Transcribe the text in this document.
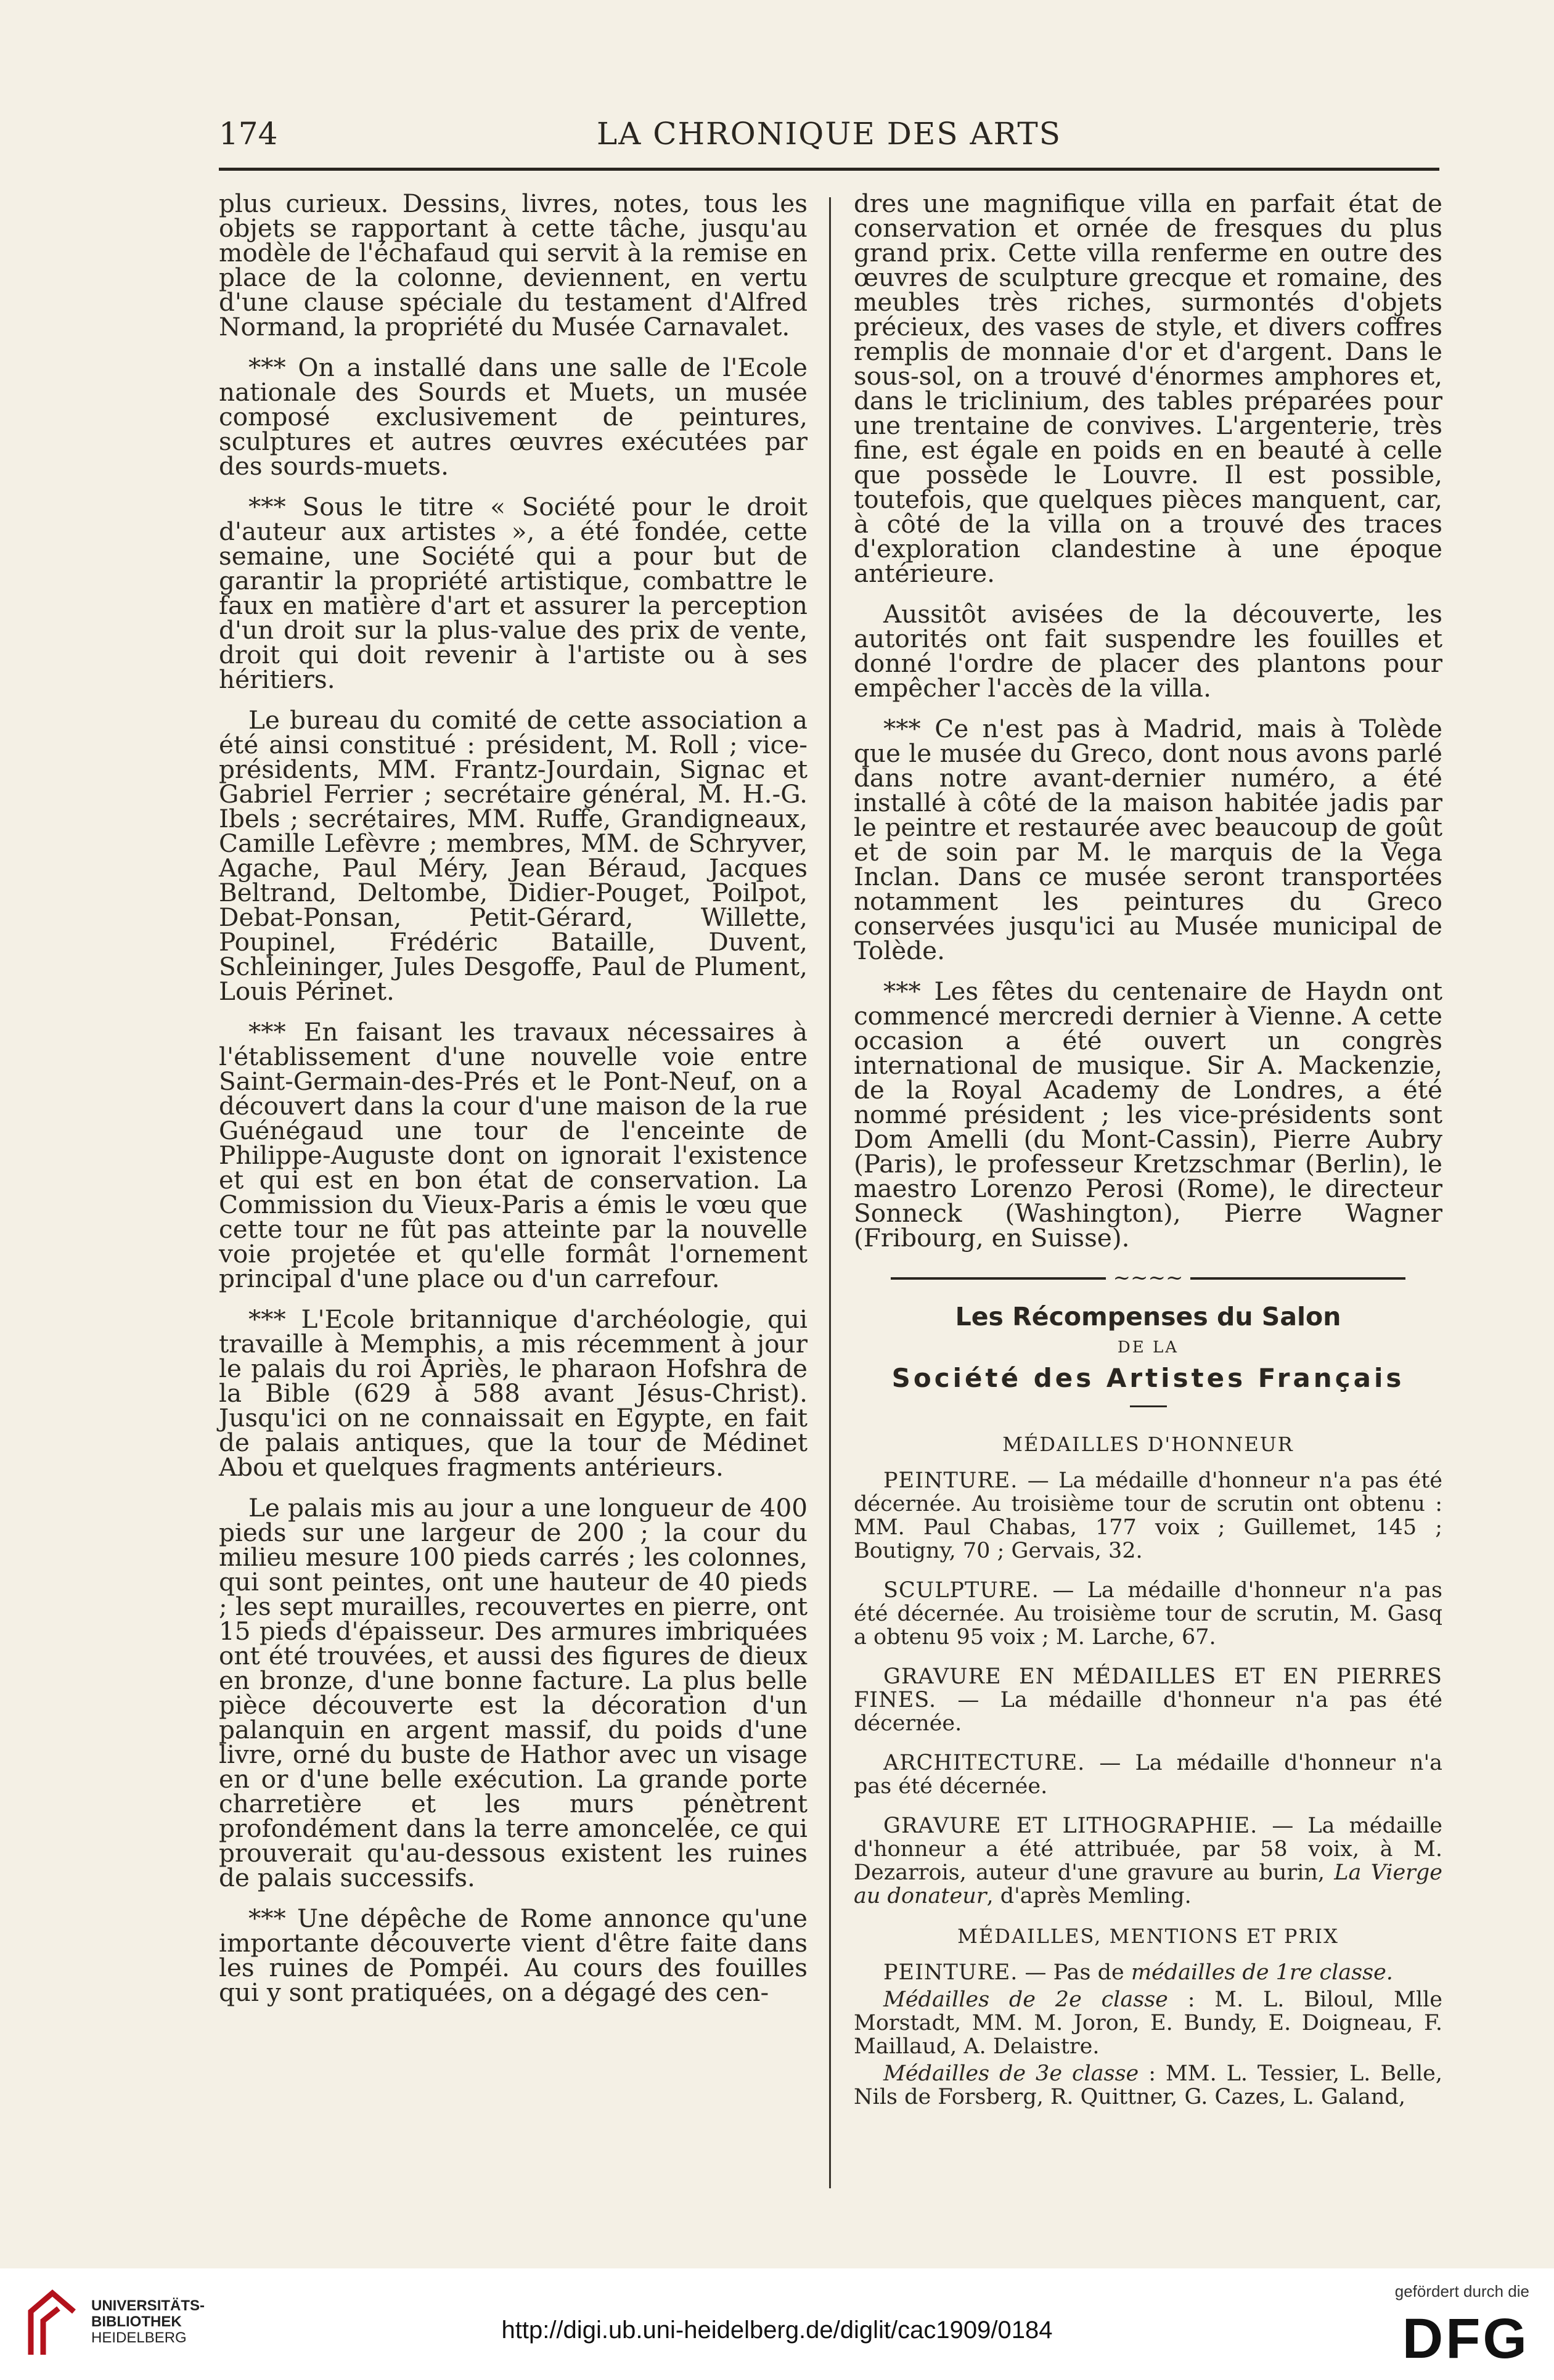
174	LA CHRONIQUE DES ARTS

plus curieux. Dessins, livres, notes, tous les objets se rapportant à cette tâche, jusqu'au modèle de l'échafaud qui servit à la remise en place de la colonne, deviennent, en vertu d'une clause spéciale du testament d'Alfred Normand, la propriété du Musée Carnavalet.

*** On a installé dans une salle de l'Ecole nationale des Sourds et Muets, un musée composé exclusivement de peintures, sculptures et autres œuvres exécutées par des sourds-muets.

*** Sous le titre « Société pour le droit d'auteur aux artistes », a été fondée, cette semaine, une Société qui a pour but de garantir la propriété artistique, combattre le faux en matière d'art et assurer la perception d'un droit sur la plus-value des prix de vente, droit qui doit revenir à l'artiste ou à ses héritiers.

Le bureau du comité de cette association a été ainsi constitué : président, M. Roll ; vice-présidents, MM. Frantz-Jourdain, Signac et Gabriel Ferrier ; secrétaire général, M. H.-G. Ibels ; secrétaires, MM. Ruffe, Grandigneaux, Camille Lefèvre ; membres, MM. de Schryver, Agache, Paul Méry, Jean Béraud, Jacques Beltrand, Deltombe, Didier-Pouget, Poilpot, Debat-Ponsan, Petit-Gérard, Willette, Poupinel, Frédéric Bataille, Duvent, Schleininger, Jules Desgoffe, Paul de Plument, Louis Périnet.

*** En faisant les travaux nécessaires à l'établissement d'une nouvelle voie entre Saint-Germain-des-Prés et le Pont-Neuf, on a découvert dans la cour d'une maison de la rue Guénégaud une tour de l'enceinte de Philippe-Auguste dont on ignorait l'existence et qui est en bon état de conservation. La Commission du Vieux-Paris a émis le vœu que cette tour ne fût pas atteinte par la nouvelle voie projetée et qu'elle formât l'ornement principal d'une place ou d'un carrefour.

*** L'Ecole britannique d'archéologie, qui travaille à Memphis, a mis récemment à jour le palais du roi Apriès, le pharaon Hofshra de la Bible (629 à 588 avant Jésus-Christ). Jusqu'ici on ne connaissait en Egypte, en fait de palais antiques, que la tour de Médinet Abou et quelques fragments antérieurs.

Le palais mis au jour a une longueur de 400 pieds sur une largeur de 200 ; la cour du milieu mesure 100 pieds carrés ; les colonnes, qui sont peintes, ont une hauteur de 40 pieds ; les sept murailles, recouvertes en pierre, ont 15 pieds d'épaisseur. Des armures imbriquées ont été trouvées, et aussi des figures de dieux en bronze, d'une bonne facture. La plus belle pièce découverte est la décoration d'un palanquin en argent massif, du poids d'une livre, orné du buste de Hathor avec un visage en or d'une belle exécution. La grande porte charretière et les murs pénètrent profondément dans la terre amoncelée, ce qui prouverait qu'au-dessous existent les ruines de palais successifs.

*** Une dépêche de Rome annonce qu'une importante découverte vient d'être faite dans les ruines de Pompéi. Au cours des fouilles qui y sont pratiquées, on a dégagé des cen-

dres une magnifique villa en parfait état de conservation et ornée de fresques du plus grand prix. Cette villa renferme en outre des œuvres de sculpture grecque et romaine, des meubles très riches, surmontés d'objets précieux, des vases de style, et divers coffres remplis de monnaie d'or et d'argent. Dans le sous-sol, on a trouvé d'énormes amphores et, dans le triclinium, des tables préparées pour une trentaine de convives. L'argenterie, très fine, est égale en poids en en beauté à celle que possède le Louvre. Il est possible, toutefois, que quelques pièces manquent, car, à côté de la villa on a trouvé des traces d'exploration clandestine à une époque antérieure.

Aussitôt avisées de la découverte, les autorités ont fait suspendre les fouilles et donné l'ordre de placer des plantons pour empêcher l'accès de la villa.

*** Ce n'est pas à Madrid, mais à Tolède que le musée du Greco, dont nous avons parlé dans notre avant-dernier numéro, a été installé à côté de la maison habitée jadis par le peintre et restaurée avec beaucoup de goût et de soin par M. le marquis de la Vega Inclan. Dans ce musée seront transportées notamment les peintures du Greco conservées jusqu'ici au Musée municipal de Tolède.

*** Les fêtes du centenaire de Haydn ont commencé mercredi dernier à Vienne. A cette occasion a été ouvert un congrès international de musique. Sir A. Mackenzie, de la Royal Academy de Londres, a été nommé président ; les vice-présidents sont Dom Amelli (du Mont-Cassin), Pierre Aubry (Paris), le professeur Kretzschmar (Berlin), le maestro Lorenzo Perosi (Rome), le directeur Sonneck (Washington), Pierre Wagner (Fribourg, en Suisse).

~~~~
Les Récompenses du Salon
DE LA
Société des Artistes Français
MÉDAILLES D'HONNEUR

PEINTURE. — La médaille d'honneur n'a pas été décernée. Au troisième tour de scrutin ont obtenu : MM. Paul Chabas, 177 voix ; Guillemet, 145 ; Boutigny, 70 ; Gervais, 32.

SCULPTURE. — La médaille d'honneur n'a pas été décernée. Au troisième tour de scrutin, M. Gasq a obtenu 95 voix ; M. Larche, 67.

GRAVURE EN MÉDAILLES ET EN PIERRES FINES. — La médaille d'honneur n'a pas été décernée.

ARCHITECTURE. — La médaille d'honneur n'a pas été décernée.

GRAVURE ET LITHOGRAPHIE. — La médaille d'honneur a été attribuée, par 58 voix, à M. Dezarrois, auteur d'une gravure au burin, La Vierge au donateur, d'après Memling.

MÉDAILLES, MENTIONS ET PRIX

PEINTURE. — Pas de médailles de 1re classe.

Médailles de 2e classe : M. L. Biloul, Mlle Morstadt, MM. M. Joron, E. Bundy, E. Doigneau, F. Maillaud, A. Delaistre.

Médailles de 3e classe : MM. L. Tessier, L. Belle, Nils de Forsberg, R. Quittner, G. Cazes, L. Galand,

UNIVERSITÄTS-
BIBLIOTHEK
HEIDELBERG	http://digi.ub.uni-heidelberg.de/diglit/cac1909/0184
gefördert durch die
DFG
